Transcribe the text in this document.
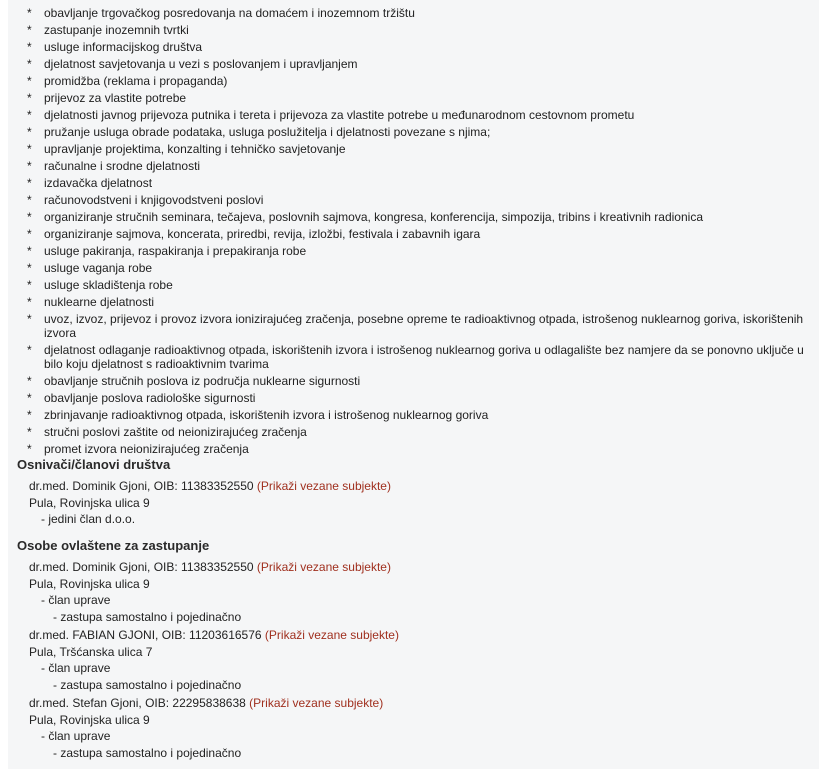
* obavljanje trgovačkog posredovanja na domaćem i inozemnom tržištu
* zastupanje inozemnih tvrtki
* usluge informacijskog društva
* djelatnost savjetovanja u vezi s poslovanjem i upravljanjem
* promidžba (reklama i propaganda)
* prijevoz za vlastite potrebe
* djelatnosti javnog prijevoza putnika i tereta i prijevoza za vlastite potrebe u međunarodnom cestovnom prometu
* pružanje usluga obrade podataka, usluga poslužitelja i djelatnosti povezane s njima;
* upravljanje projektima, konzalting i tehničko savjetovanje
* računalne i srodne djelatnosti
* izdavačka djelatnost
* računovodstveni i knjigovodstveni poslovi
* organiziranje stručnih seminara, tečajeva, poslovnih sajmova, kongresa, konferencija, simpozija, tribins i kreativnih radionica
* organiziranje sajmova, koncerata, priredbi, revija, izložbi, festivala i zabavnih igara
* usluge pakiranja, raspakiranja i prepakiranja robe
* usluge vaganja robe
* usluge skladištenja robe
* nuklearne djelatnosti
* uvoz, izvoz, prijevoz i provoz izvora ionizirajućeg zračenja, posebne opreme te radioaktivnog otpada, istrošenog nuklearnog goriva, iskorištenih izvora
* djelatnost odlaganje radioaktivnog otpada, iskorištenih izvora i istrošenog nuklearnog goriva u odlagalište bez namjere da se ponovno uključe u bilo koju djelatnost s radioaktivnim tvarima
* obavljanje stručnih poslova iz područja nuklearne sigurnosti
* obavljanje poslova radiološke sigurnosti
* zbrinjavanje radioaktivnog otpada, iskorištenih izvora i istrošenog nuklearnog goriva
* stručni poslovi zaštite od neionizirajućeg zračenja
* promet izvora neionizirajućeg zračenja
Osnivači/članovi društva
dr.med. Dominik Gjoni, OIB: 11383352550 (Prikaži vezane subjekte)
Pula, Rovinjska ulica 9
- jedini član d.o.o.
Osobe ovlaštene za zastupanje
dr.med. Dominik Gjoni, OIB: 11383352550 (Prikaži vezane subjekte)
Pula, Rovinjska ulica 9
- član uprave
- zastupa samostalno i pojedinačno
dr.med. FABIAN GJONI, OIB: 11203616576 (Prikaži vezane subjekte)
Pula, Tršćanska ulica 7
- član uprave
- zastupa samostalno i pojedinačno
dr.med. Stefan Gjoni, OIB: 22295838638 (Prikaži vezane subjekte)
Pula, Rovinjska ulica 9
- član uprave
- zastupa samostalno i pojedinačno
